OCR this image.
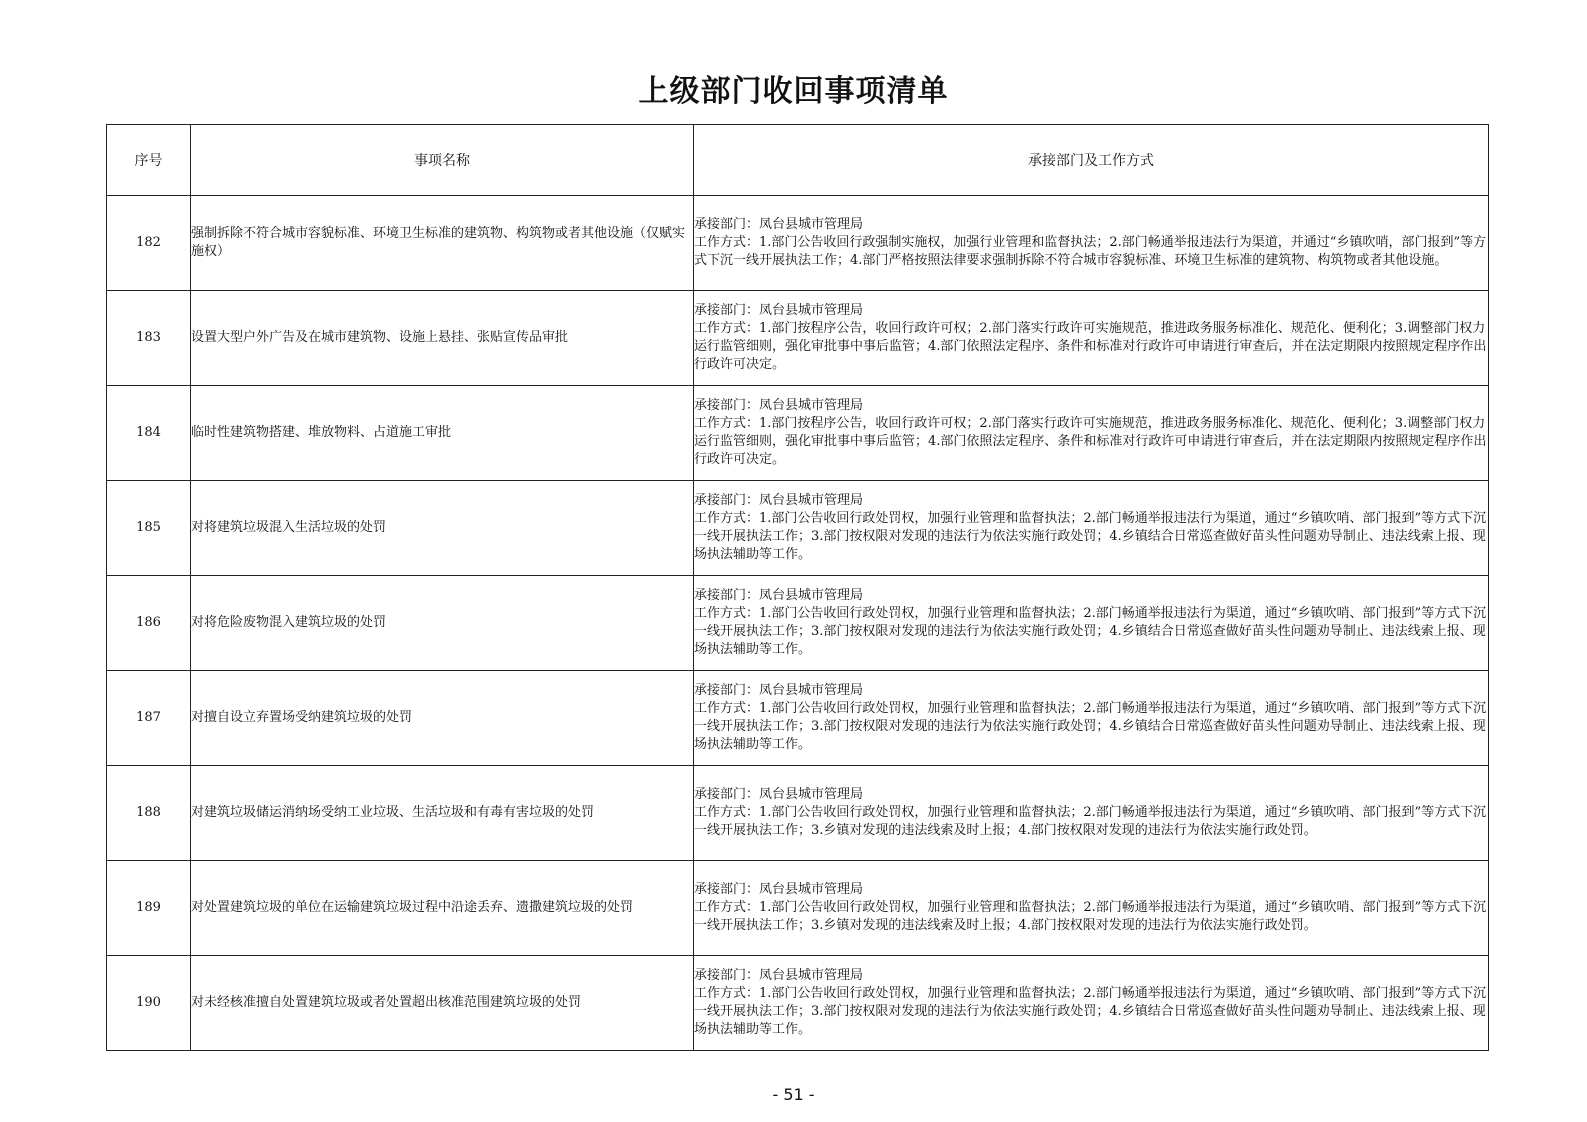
上级部门收回事项清单
序号	事项名称	承接部门及工作方式
182	强制拆除不符合城市容貌标准、环境卫生标准的建筑物、构筑物或者其他设施（仅赋实施权）	承接部门：凤台县城市管理局
工作方式：1.部门公告收回行政强制实施权，加强行业管理和监督执法；2.部门畅通举报违法行为渠道，并通过“乡镇吹哨，部门报到”等方式下沉一线开展执法工作；4.部门严格按照法律要求强制拆除不符合城市容貌标准、环境卫生标准的建筑物、构筑物或者其他设施。

183	设置大型户外广告及在城市建筑物、设施上悬挂、张贴宣传品审批	承接部门：凤台县城市管理局
工作方式：1.部门按程序公告，收回行政许可权；2.部门落实行政许可实施规范，推进政务服务标准化、规范化、便利化；3.调整部门权力运行监管细则，强化审批事中事后监管；4.部门依照法定程序、条件和标准对行政许可申请进行审查后，并在法定期限内按照规定程序作出行政许可决定。

184	临时性建筑物搭建、堆放物料、占道施工审批	承接部门：凤台县城市管理局
工作方式：1.部门按程序公告，收回行政许可权；2.部门落实行政许可实施规范，推进政务服务标准化、规范化、便利化；3.调整部门权力运行监管细则，强化审批事中事后监管；4.部门依照法定程序、条件和标准对行政许可申请进行审查后，并在法定期限内按照规定程序作出行政许可决定。

185	对将建筑垃圾混入生活垃圾的处罚	承接部门：凤台县城市管理局
工作方式：1.部门公告收回行政处罚权，加强行业管理和监督执法；2.部门畅通举报违法行为渠道，通过“乡镇吹哨、部门报到”等方式下沉一线开展执法工作；3.部门按权限对发现的违法行为依法实施行政处罚；4.乡镇结合日常巡查做好苗头性问题劝导制止、违法线索上报、现场执法辅助等工作。

186	对将危险废物混入建筑垃圾的处罚	承接部门：凤台县城市管理局
工作方式：1.部门公告收回行政处罚权，加强行业管理和监督执法；2.部门畅通举报违法行为渠道，通过“乡镇吹哨、部门报到”等方式下沉一线开展执法工作；3.部门按权限对发现的违法行为依法实施行政处罚；4.乡镇结合日常巡查做好苗头性问题劝导制止、违法线索上报、现场执法辅助等工作。

187	对擅自设立弃置场受纳建筑垃圾的处罚	承接部门：凤台县城市管理局
工作方式：1.部门公告收回行政处罚权，加强行业管理和监督执法；2.部门畅通举报违法行为渠道，通过“乡镇吹哨、部门报到”等方式下沉一线开展执法工作；3.部门按权限对发现的违法行为依法实施行政处罚；4.乡镇结合日常巡查做好苗头性问题劝导制止、违法线索上报、现场执法辅助等工作。

188	对建筑垃圾储运消纳场受纳工业垃圾、生活垃圾和有毒有害垃圾的处罚	承接部门：凤台县城市管理局
工作方式：1.部门公告收回行政处罚权，加强行业管理和监督执法；2.部门畅通举报违法行为渠道，通过“乡镇吹哨、部门报到”等方式下沉一线开展执法工作；3.乡镇对发现的违法线索及时上报；4.部门按权限对发现的违法行为依法实施行政处罚。

189	对处置建筑垃圾的单位在运输建筑垃圾过程中沿途丢弃、遗撒建筑垃圾的处罚	承接部门：凤台县城市管理局
工作方式：1.部门公告收回行政处罚权，加强行业管理和监督执法；2.部门畅通举报违法行为渠道，通过“乡镇吹哨、部门报到”等方式下沉一线开展执法工作；3.乡镇对发现的违法线索及时上报；4.部门按权限对发现的违法行为依法实施行政处罚。

190	对未经核准擅自处置建筑垃圾或者处置超出核准范围建筑垃圾的处罚	承接部门：凤台县城市管理局
工作方式：1.部门公告收回行政处罚权，加强行业管理和监督执法；2.部门畅通举报违法行为渠道，通过“乡镇吹哨、部门报到”等方式下沉一线开展执法工作；3.部门按权限对发现的违法行为依法实施行政处罚；4.乡镇结合日常巡查做好苗头性问题劝导制止、违法线索上报、现场执法辅助等工作。
- 51 -
